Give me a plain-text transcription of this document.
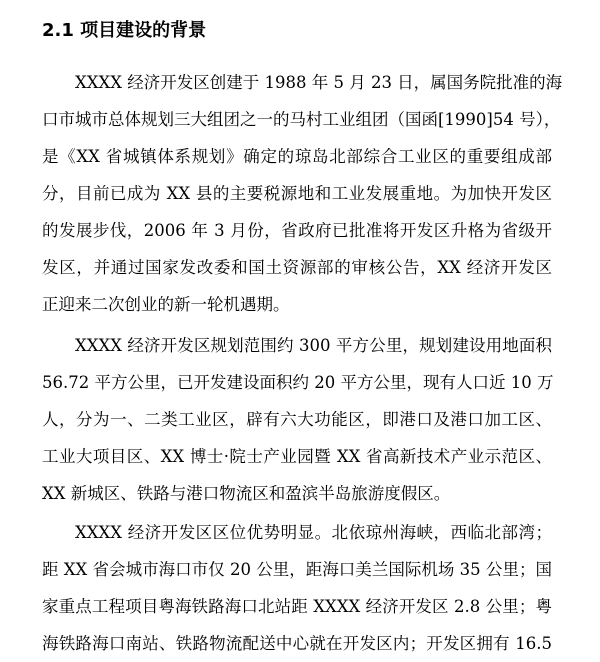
2.1 项目建设的背景

XXXX 经济开发区创建于 1988 年 5 月 23 日，属国务院批准的海

口市城市总体规划三大组团之一的马村工业组团（国函[1990]54 号），

是《XX 省城镇体系规划》确定的琼岛北部综合工业区的重要组成部

分，目前已成为 XX 县的主要税源地和工业发展重地。为加快开发区

的发展步伐，2006 年 3 月份，省政府已批准将开发区升格为省级开

发区，并通过国家发改委和国土资源部的审核公告，XX 经济开发区

正迎来二次创业的新一轮机遇期。

XXXX 经济开发区规划范围约 300 平方公里，规划建设用地面积

56.72 平方公里，已开发建设面积约 20 平方公里，现有人口近 10 万

人，分为一、二类工业区，辟有六大功能区，即港口及港口加工区、

工业大项目区、XX 博士·院士产业园暨 XX 省高新技术产业示范区、

XX 新城区、铁路与港口物流区和盈滨半岛旅游度假区。

XXXX 经济开发区区位优势明显。北依琼州海峡，西临北部湾；

距 XX 省会城市海口市仅 20 公里，距海口美兰国际机场 35 公里；国

家重点工程项目粤海铁路海口北站距 XXXX 经济开发区 2.8 公里；粤

海铁路海口南站、铁路物流配送中心就在开发区内；开发区拥有 16.5
